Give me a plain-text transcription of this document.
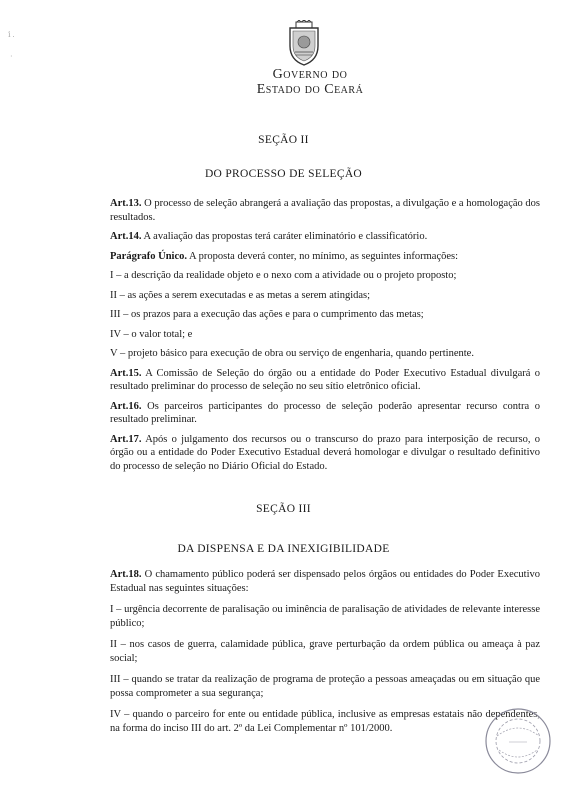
ⅰ .
·
Governo do
Estado do Ceará
SEÇÃO II
DO PROCESSO DE SELEÇÃO

Art.13. O processo de seleção abrangerá a avaliação das propostas, a divulgação e a homologação dos resultados.

Art.14. A avaliação das propostas terá caráter eliminatório e classificatório.

Parágrafo Único. A proposta deverá conter, no mínimo, as seguintes informações:

I – a descrição da realidade objeto e o nexo com a atividade ou o projeto proposto;

II – as ações a serem executadas e as metas a serem atingidas;

III – os prazos para a execução das ações e para o cumprimento das metas;

IV – o valor total; e

V – projeto básico para execução de obra ou serviço de engenharia, quando pertinente.

Art.15. A Comissão de Seleção do órgão ou a entidade do Poder Executivo Estadual divulgará o resultado preliminar do processo de seleção no seu sítio eletrônico oficial.

Art.16. Os parceiros participantes do processo de seleção poderão apresentar recurso contra o resultado preliminar.

Art.17. Após o julgamento dos recursos ou o transcurso do prazo para interposição de recurso, o órgão ou a entidade do Poder Executivo Estadual deverá homologar e divulgar o resultado definitivo do processo de seleção no Diário Oficial do Estado.

SEÇÃO III
DA DISPENSA E DA INEXIGIBILIDADE

Art.18. O chamamento público poderá ser dispensado pelos órgãos ou entidades do Poder Executivo Estadual nas seguintes situações:

I – urgência decorrente de paralisação ou iminência de paralisação de atividades de relevante interesse público;

II – nos casos de guerra, calamidade pública, grave perturbação da ordem pública ou ameaça à paz social;

III – quando se tratar da realização de programa de proteção a pessoas ameaçadas ou em situação que possa comprometer a sua segurança;

IV – quando o parceiro for ente ou entidade pública, inclusive as empresas estatais não dependentes, na forma do inciso III do art. 2º da Lei Complementar nº 101/2000.
